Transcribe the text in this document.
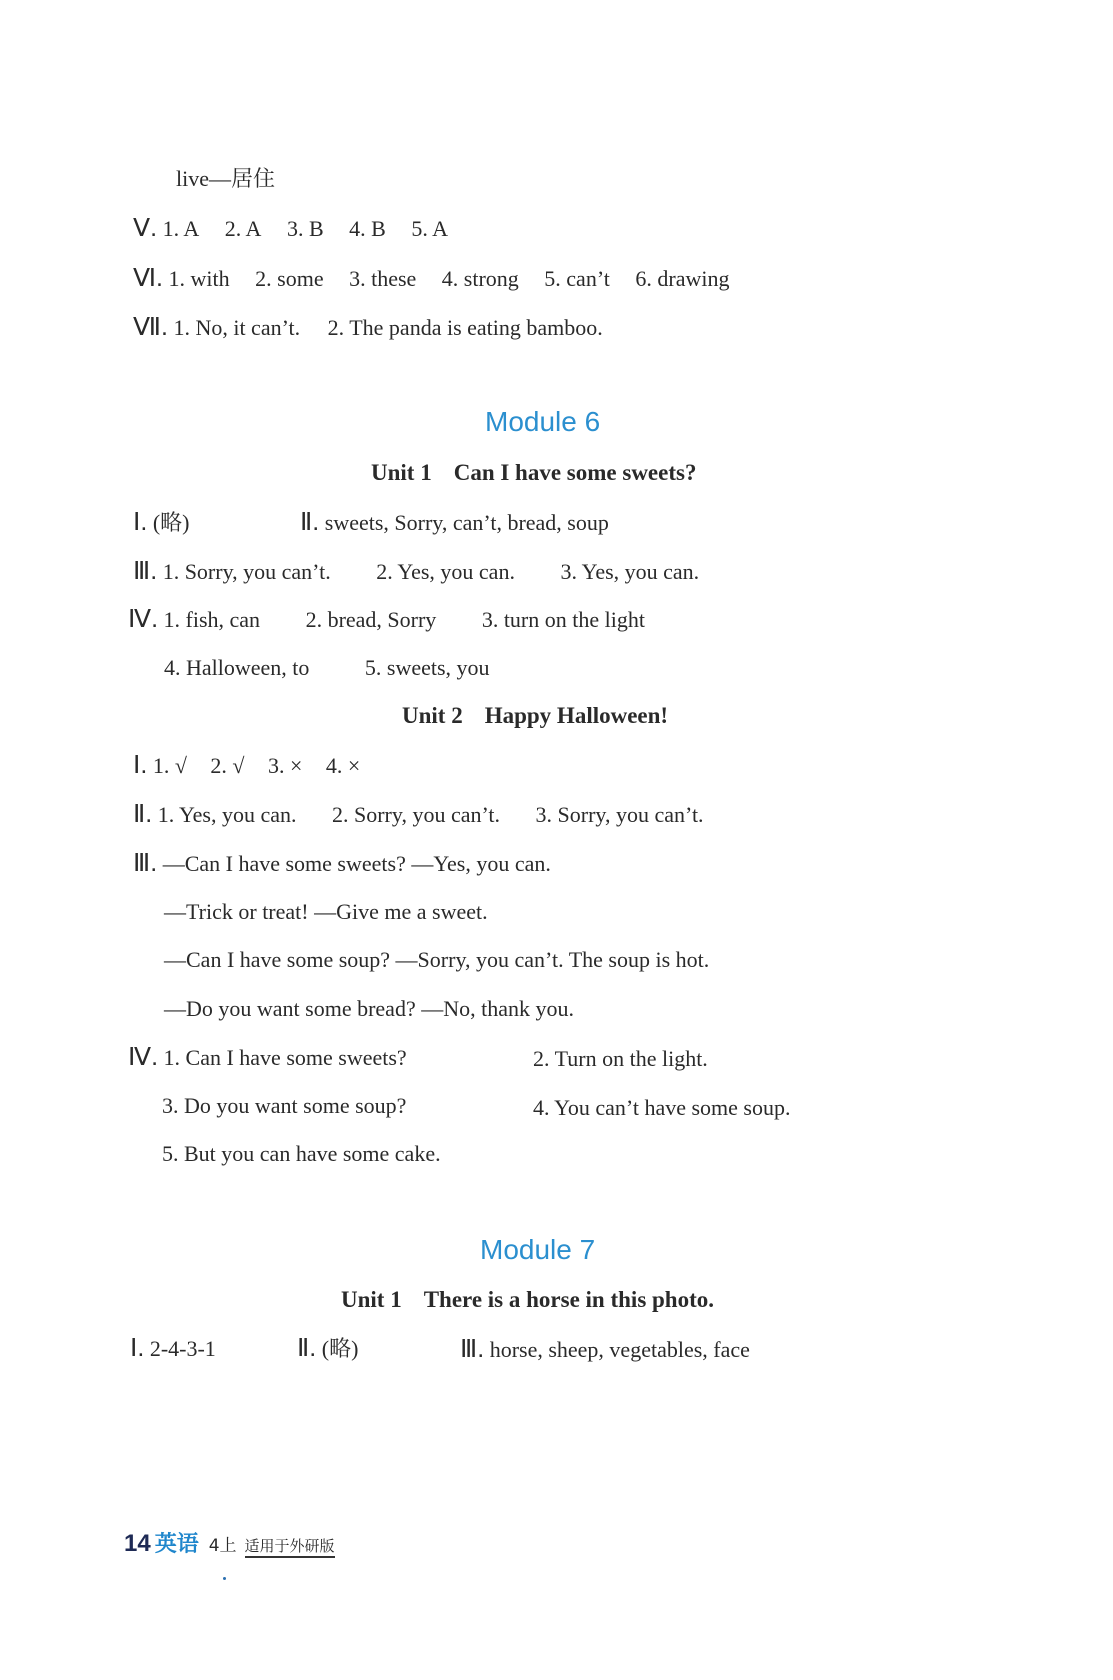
live—居住
Ⅴ. 1. A 2. A 3. B 4. B 5. A
Ⅵ. 1. with 2. some 3. these 4. strong 5. can’t 6. drawing
Ⅶ. 1. No, it can’t. 2. The panda is eating bamboo.
Module 6
Unit 1 Can I have some sweets?
Ⅰ. (略)	Ⅱ. sweets, Sorry, can’t, bread, soup
Ⅲ. 1. Sorry, you can’t. 2. Yes, you can. 3. Yes, you can.
Ⅳ. 1. fish, can 2. bread, Sorry 3. turn on the light
4. Halloween, to	5. sweets, you
Unit 2 Happy Halloween!
Ⅰ. 1. √ 2. √ 3. × 4. ×
Ⅱ. 1. Yes, you can. 2. Sorry, you can’t. 3. Sorry, you can’t.
Ⅲ. —Can I have some sweets? —Yes, you can.
—Trick or treat! —Give me a sweet.
—Can I have some soup? —Sorry, you can’t. The soup is hot.
—Do you want some bread? —No, thank you.
Ⅳ. 1. Can I have some sweets?	2. Turn on the light.
3. Do you want some soup?	4. You can’t have some soup.
5. But you can have some cake.
Module 7
Unit 1 There is a horse in this photo.
Ⅰ. 2-4-3-1	Ⅱ. (略)	Ⅲ. horse, sheep, vegetables, face
14 英语 4上 适用于外研版
